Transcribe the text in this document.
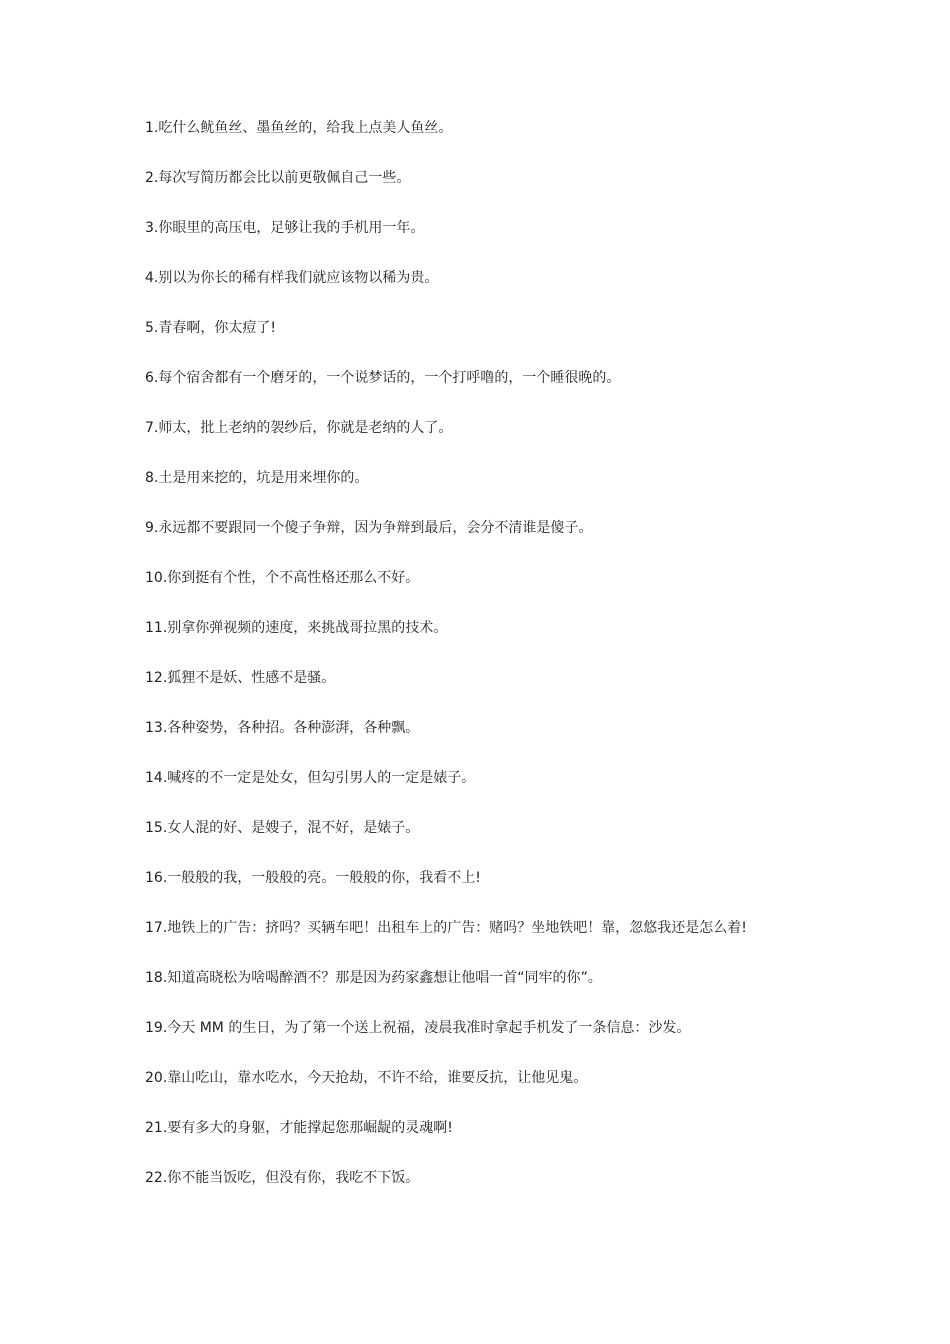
1.吃什么鱿鱼丝、墨鱼丝的，给我上点美人鱼丝。
2.每次写简历都会比以前更敬佩自己一些。
3.你眼里的高压电，足够让我的手机用一年。
4.别以为你长的稀有样我们就应该物以稀为贵。
5.青春啊，你太痘了!
6.每个宿舍都有一个磨牙的，一个说梦话的，一个打呼噜的，一个睡很晚的。
7.师太，批上老纳的袈纱后，你就是老纳的人了。
8.土是用来挖的，坑是用来埋你的。
9.永远都不要跟同一个傻子争辩，因为争辩到最后，会分不清谁是傻子。
10.你到挺有个性，个不高性格还那么不好。
11.别拿你弹视频的速度，来挑战哥拉黑的技术。
12.狐狸不是妖、性感不是骚。
13.各种姿势，各种招。各种澎湃，各种飘。
14.喊疼的不一定是处女，但勾引男人的一定是婊子。
15.女人混的好、是嫂子，混不好，是婊子。
16.一般般的我，一般般的亮。一般般的你，我看不上!
17.地铁上的广告：挤吗？买辆车吧！出租车上的广告：赌吗？坐地铁吧！靠，忽悠我还是怎么着!
18.知道高晓松为啥喝醉酒不？那是因为药家鑫想让他唱一首“同牢的你”。
19.今天 MM 的生日，为了第一个送上祝福，凌晨我准时拿起手机发了一条信息：沙发。
20.靠山吃山，靠水吃水，今天抢劫，不许不给，谁要反抗，让他见鬼。
21.要有多大的身躯，才能撑起您那崛龊的灵魂啊!
22.你不能当饭吃，但没有你，我吃不下饭。
